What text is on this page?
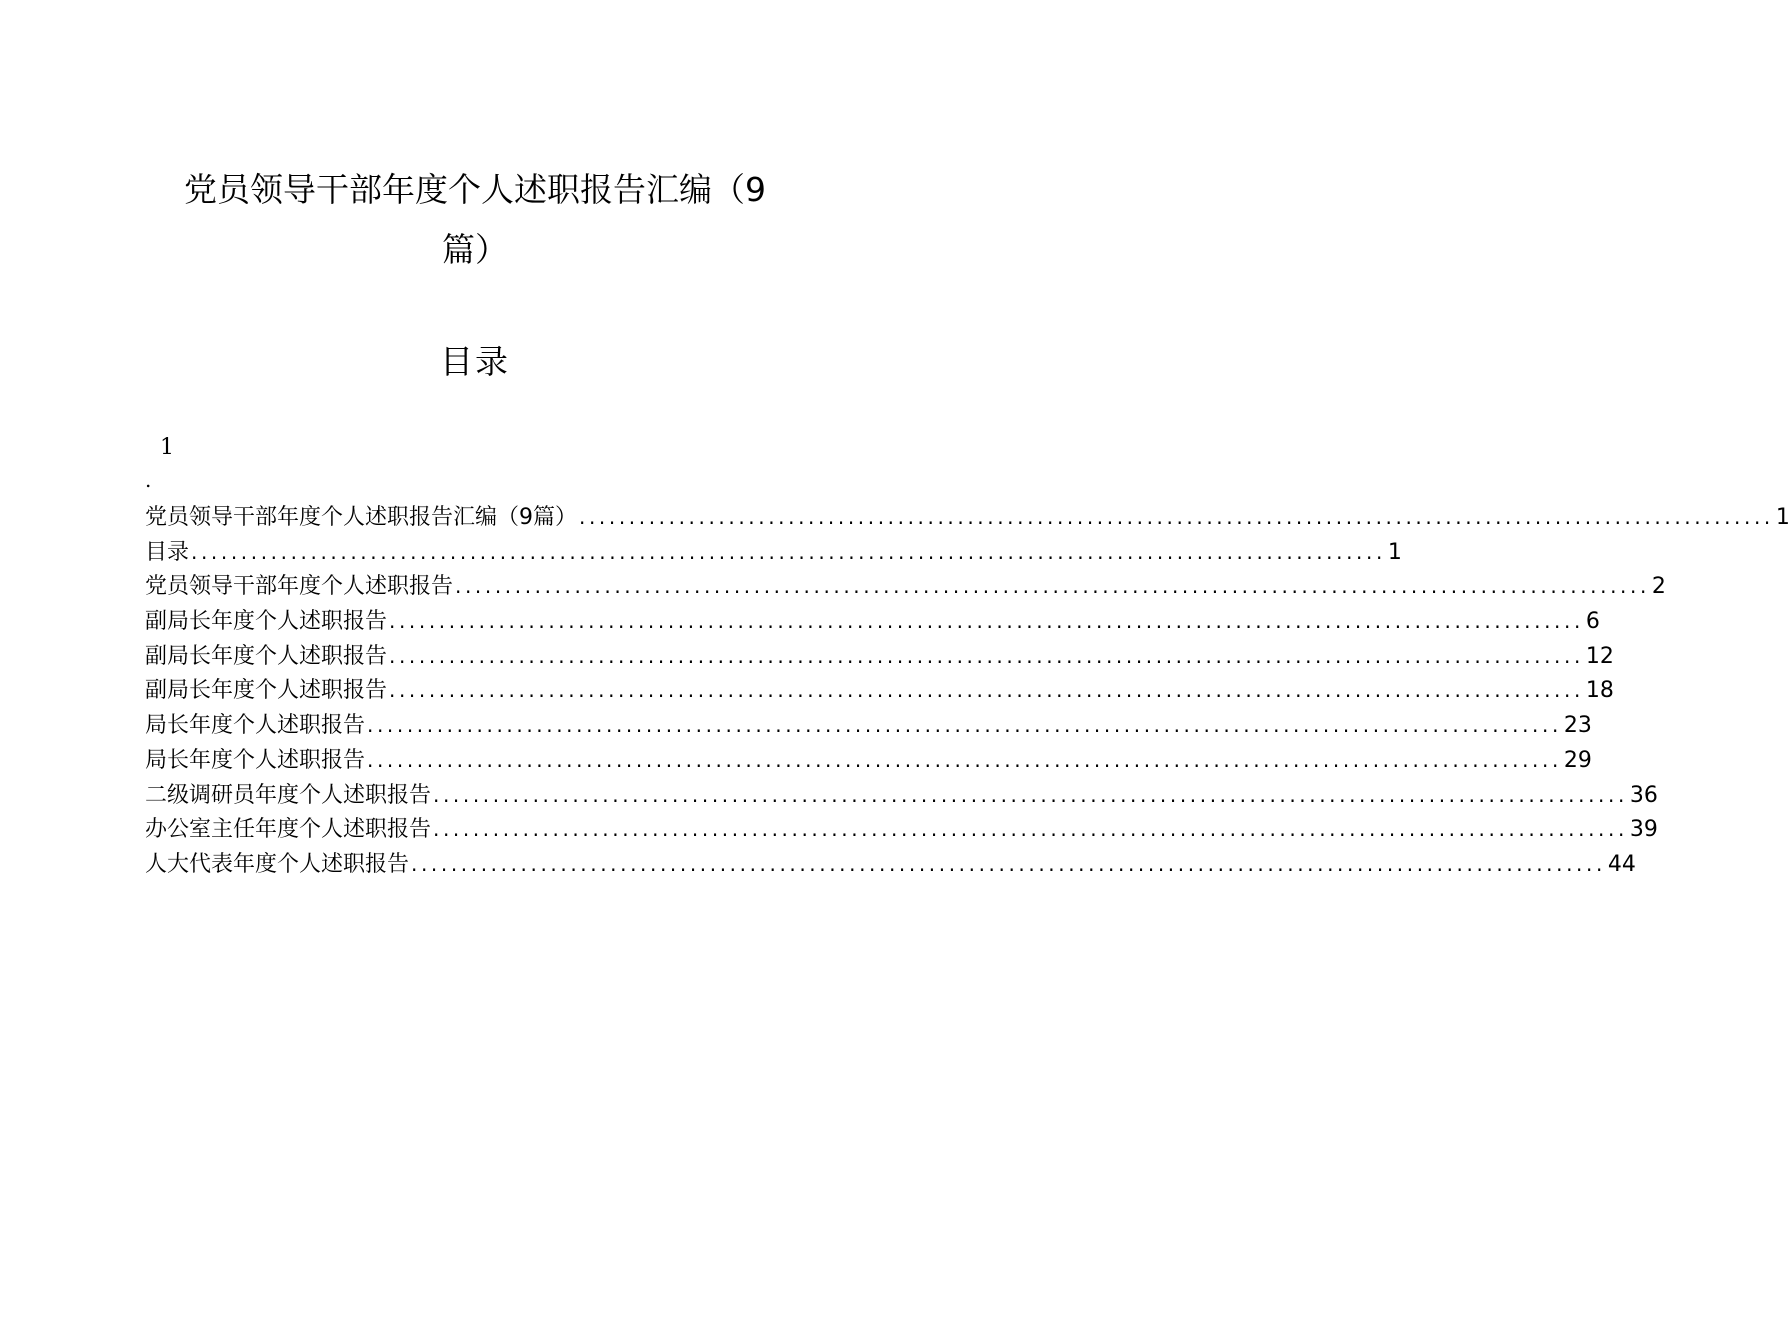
党员领导干部年度个人述职报告汇编（9
篇）
目录
1
.
党员领导干部年度个人述职报告汇编（9篇） ........................................................................................................................ 1
目录 ........................................................................................................................ 1
党员领导干部年度个人述职报告 ........................................................................................................................ 2
副局长年度个人述职报告 ........................................................................................................................ 6
副局长年度个人述职报告 ........................................................................................................................ 12
副局长年度个人述职报告 ........................................................................................................................ 18
局长年度个人述职报告 ........................................................................................................................ 23
局长年度个人述职报告 ........................................................................................................................ 29
二级调研员年度个人述职报告 ........................................................................................................................ 36
办公室主任年度个人述职报告 ........................................................................................................................ 39
人大代表年度个人述职报告 ........................................................................................................................ 44
